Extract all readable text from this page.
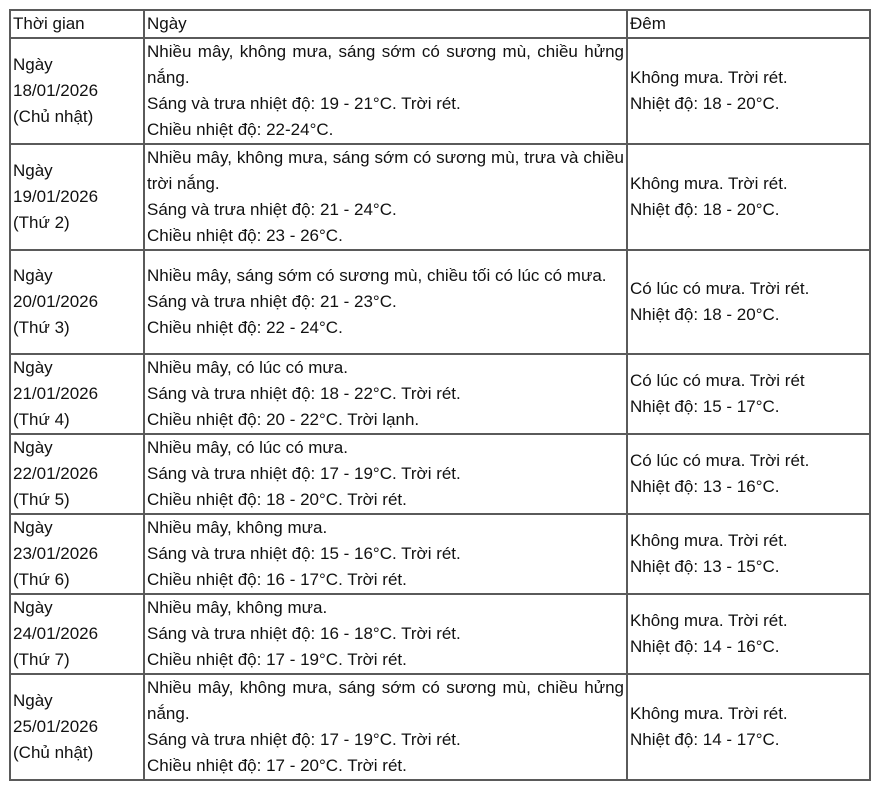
Thời gian	Ngày	Đêm

Ngày
18/01/2026
(Chủ nhật)	Nhiều mây, không mưa, sáng sớm có sương mù, chiều hửng nắng.
Sáng và trưa nhiệt độ: 19 - 21°C. Trời rét.
Chiều nhiệt độ: 22-24°C.	Không mưa. Trời rét.
Nhiệt độ: 18 - 20°C.

Ngày
19/01/2026
(Thứ 2)	Nhiều mây, không mưa, sáng sớm có sương mù, trưa và chiều trời nắng.
Sáng và trưa nhiệt độ: 21 - 24°C.
Chiều nhiệt độ: 23 - 26°C.	Không mưa. Trời rét.
Nhiệt độ: 18 - 20°C.

Ngày
20/01/2026
(Thứ 3)	Nhiều mây, sáng sớm có sương mù, chiều tối có lúc có mưa.
Sáng và trưa nhiệt độ: 21 - 23°C.
Chiều nhiệt độ: 22 - 24°C.	Có lúc có mưa. Trời rét.
Nhiệt độ: 18 - 20°C.

Ngày
21/01/2026
(Thứ 4)	Nhiều mây, có lúc có mưa.
Sáng và trưa nhiệt độ: 18 - 22°C. Trời rét.
Chiều nhiệt độ: 20 - 22°C. Trời lạnh.	Có lúc có mưa. Trời rét
Nhiệt độ: 15 - 17°C.

Ngày
22/01/2026
(Thứ 5)	Nhiều mây, có lúc có mưa.
Sáng và trưa nhiệt độ: 17 - 19°C. Trời rét.
Chiều nhiệt độ: 18 - 20°C. Trời rét.	Có lúc có mưa. Trời rét.
Nhiệt độ: 13 - 16°C.

Ngày
23/01/2026
(Thứ 6)	Nhiều mây, không mưa.
Sáng và trưa nhiệt độ: 15 - 16°C. Trời rét.
Chiều nhiệt độ: 16 - 17°C. Trời rét.	Không mưa. Trời rét.
Nhiệt độ: 13 - 15°C.

Ngày
24/01/2026
(Thứ 7)	Nhiều mây, không mưa.
Sáng và trưa nhiệt độ: 16 - 18°C. Trời rét.
Chiều nhiệt độ: 17 - 19°C. Trời rét.	Không mưa. Trời rét.
Nhiệt độ: 14 - 16°C.

Ngày
25/01/2026
(Chủ nhật)	Nhiều mây, không mưa, sáng sớm có sương mù, chiều hửng nắng.
Sáng và trưa nhiệt độ: 17 - 19°C. Trời rét.
Chiều nhiệt độ: 17 - 20°C. Trời rét.	Không mưa. Trời rét.
Nhiệt độ: 14 - 17°C.
